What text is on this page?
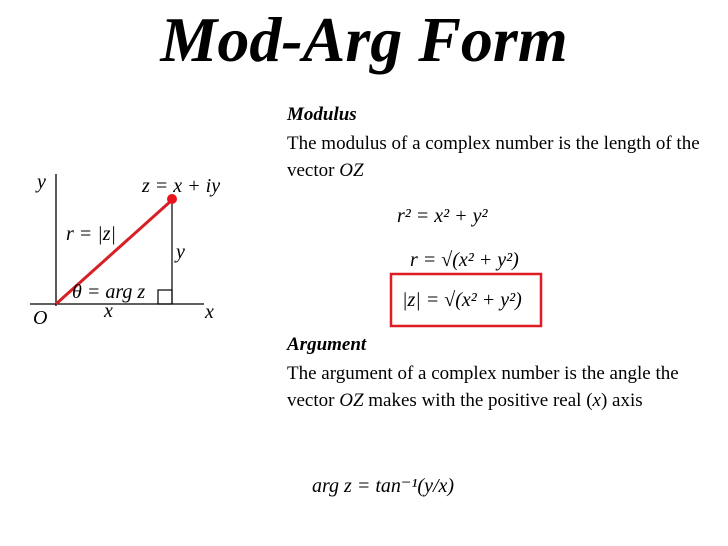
Mod-Arg Form
y
x
O
z = x + iy
r = |z|
y
θ = arg z
x
Modulus
The modulus of a complex number is the length of the vector OZ
r² = x² + y²
r = √(x² + y²)
|z| = √(x² + y²)
arg z = tan⁻¹(y/x)
Argument
The argument of a complex number is the angle the vector OZ makes with the positive real (x) axis
